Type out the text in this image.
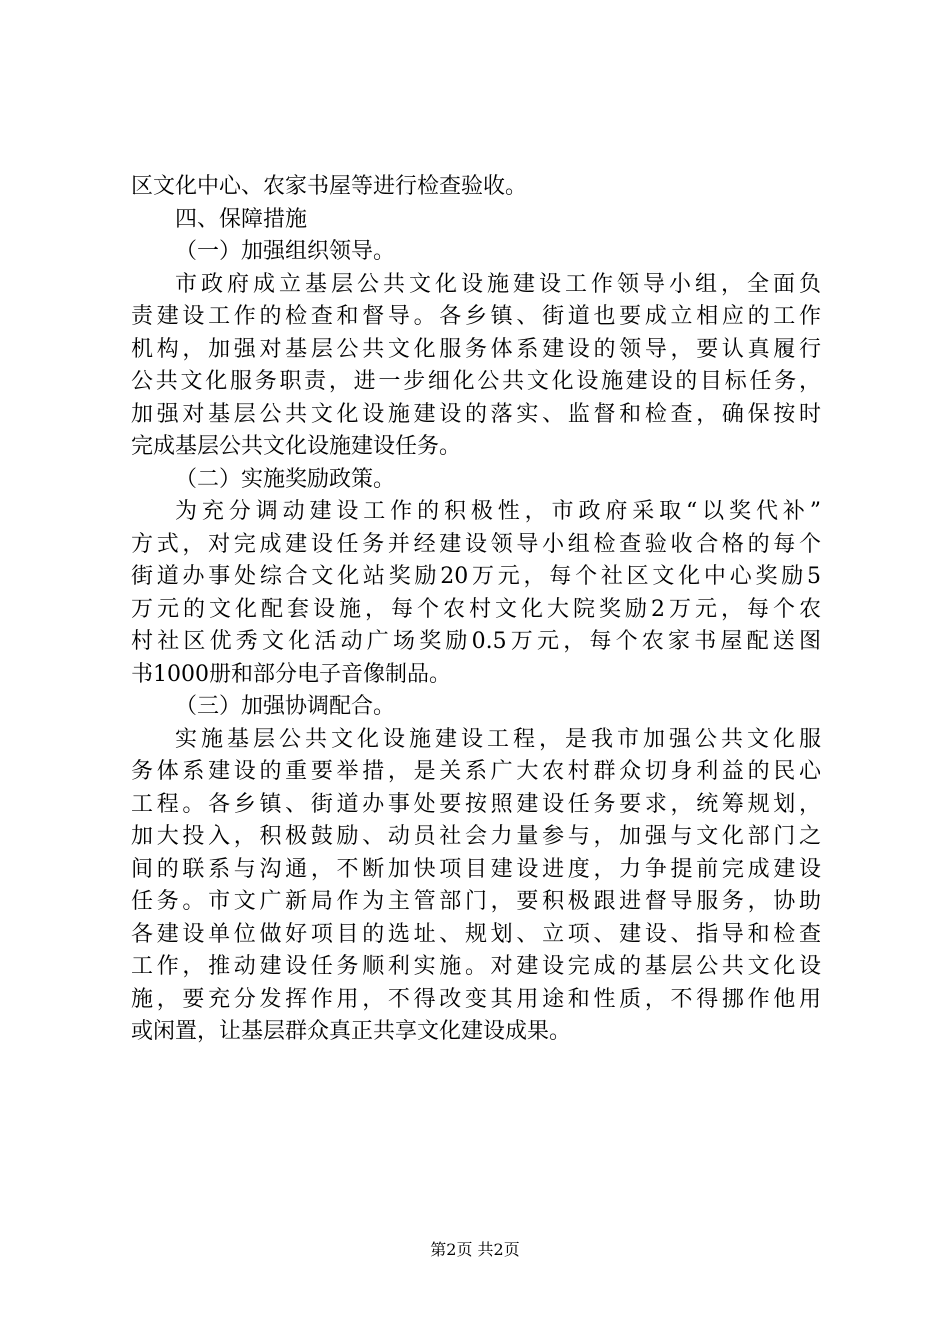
区文化中心、农家书屋等进行检查验收。
四、保障措施
（一）加强组织领导。
市政府成立基层公共文化设施建设工作领导小组，全面负
责建设工作的检查和督导。各乡镇、街道也要成立相应的工作
机构，加强对基层公共文化服务体系建设的领导，要认真履行
公共文化服务职责，进一步细化公共文化设施建设的目标任务，
加强对基层公共文化设施建设的落实、监督和检查，确保按时
完成基层公共文化设施建设任务。
（二）实施奖励政策。
为充分调动建设工作的积极性，市政府采取“以奖代补”
方式，对完成建设任务并经建设领导小组检查验收合格的每个
街道办事处综合文化站奖励20万元，每个社区文化中心奖励5
万元的文化配套设施，每个农村文化大院奖励2万元，每个农
村社区优秀文化活动广场奖励0.5万元，每个农家书屋配送图
书1000册和部分电子音像制品。
（三）加强协调配合。
实施基层公共文化设施建设工程，是我市加强公共文化服
务体系建设的重要举措，是关系广大农村群众切身利益的民心
工程。各乡镇、街道办事处要按照建设任务要求，统筹规划，
加大投入，积极鼓励、动员社会力量参与，加强与文化部门之
间的联系与沟通，不断加快项目建设进度，力争提前完成建设
任务。市文广新局作为主管部门，要积极跟进督导服务，协助
各建设单位做好项目的选址、规划、立项、建设、指导和检查
工作，推动建设任务顺利实施。对建设完成的基层公共文化设
施，要充分发挥作用，不得改变其用途和性质，不得挪作他用
或闲置，让基层群众真正共享文化建设成果。
第2页 共2页
